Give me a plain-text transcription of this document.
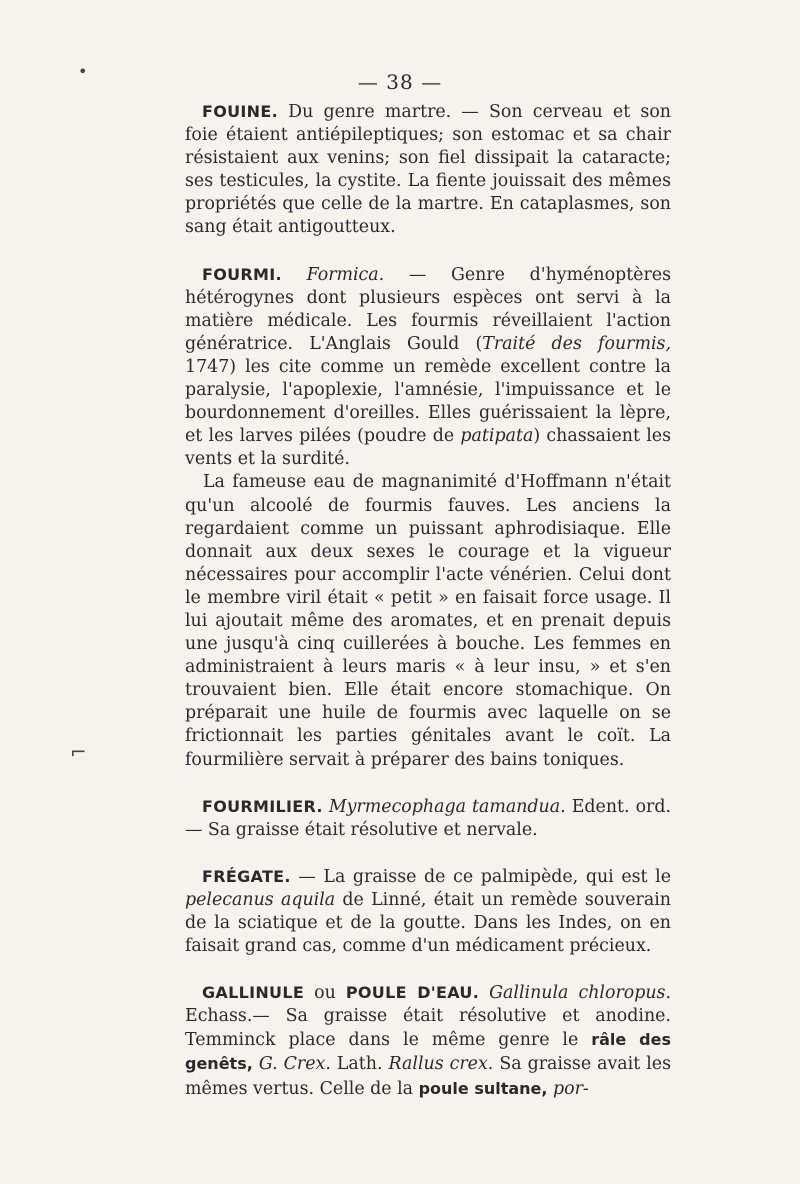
•
⌐
— 38 —

FOUINE. Du genre martre. — Son cerveau et son foie étaient antiépileptiques; son estomac et sa chair résistaient aux venins; son fiel dissipait la cataracte; ses testicules, la cystite. La fiente jouissait des mêmes propriétés que celle de la martre. En cataplasmes, son sang était antigoutteux.

FOURMI. Formica. — Genre d'hyménoptères hétérogynes dont plusieurs espèces ont servi à la matière médicale. Les fourmis réveillaient l'action génératrice. L'Anglais Gould (Traité des fourmis, 1747) les cite comme un remède excellent contre la paralysie, l'apoplexie, l'amnésie, l'impuissance et le bourdonnement d'oreilles. Elles guérissaient la lèpre, et les larves pilées (poudre de patipata) chassaient les vents et la surdité.

La fameuse eau de magnanimité d'Hoffmann n'était qu'un alcoolé de fourmis fauves. Les anciens la regardaient comme un puissant aphrodisiaque. Elle donnait aux deux sexes le courage et la vigueur nécessaires pour accomplir l'acte vénérien. Celui dont le membre viril était « petit » en faisait force usage. Il lui ajoutait même des aromates, et en prenait depuis une jusqu'à cinq cuillerées à bouche. Les femmes en administraient à leurs maris « à leur insu, » et s'en trouvaient bien. Elle était encore stomachique. On préparait une huile de fourmis avec laquelle on se frictionnait les parties génitales avant le coït. La fourmilière servait à préparer des bains toniques.

FOURMILIER. Myrmecophaga tamandua. Edent. ord. — Sa graisse était résolutive et nervale.

FRÉGATE. — La graisse de ce palmipède, qui est le pelecanus aquila de Linné, était un remède souverain de la sciatique et de la goutte. Dans les Indes, on en faisait grand cas, comme d'un médicament précieux.

GALLINULE ou POULE D'EAU. Gallinula chloropus. Echass.— Sa graisse était résolutive et anodine. Temminck place dans le même genre le râle des genêts, G. Crex. Lath. Rallus crex. Sa graisse avait les mêmes vertus. Celle de la poule sultane, por-
